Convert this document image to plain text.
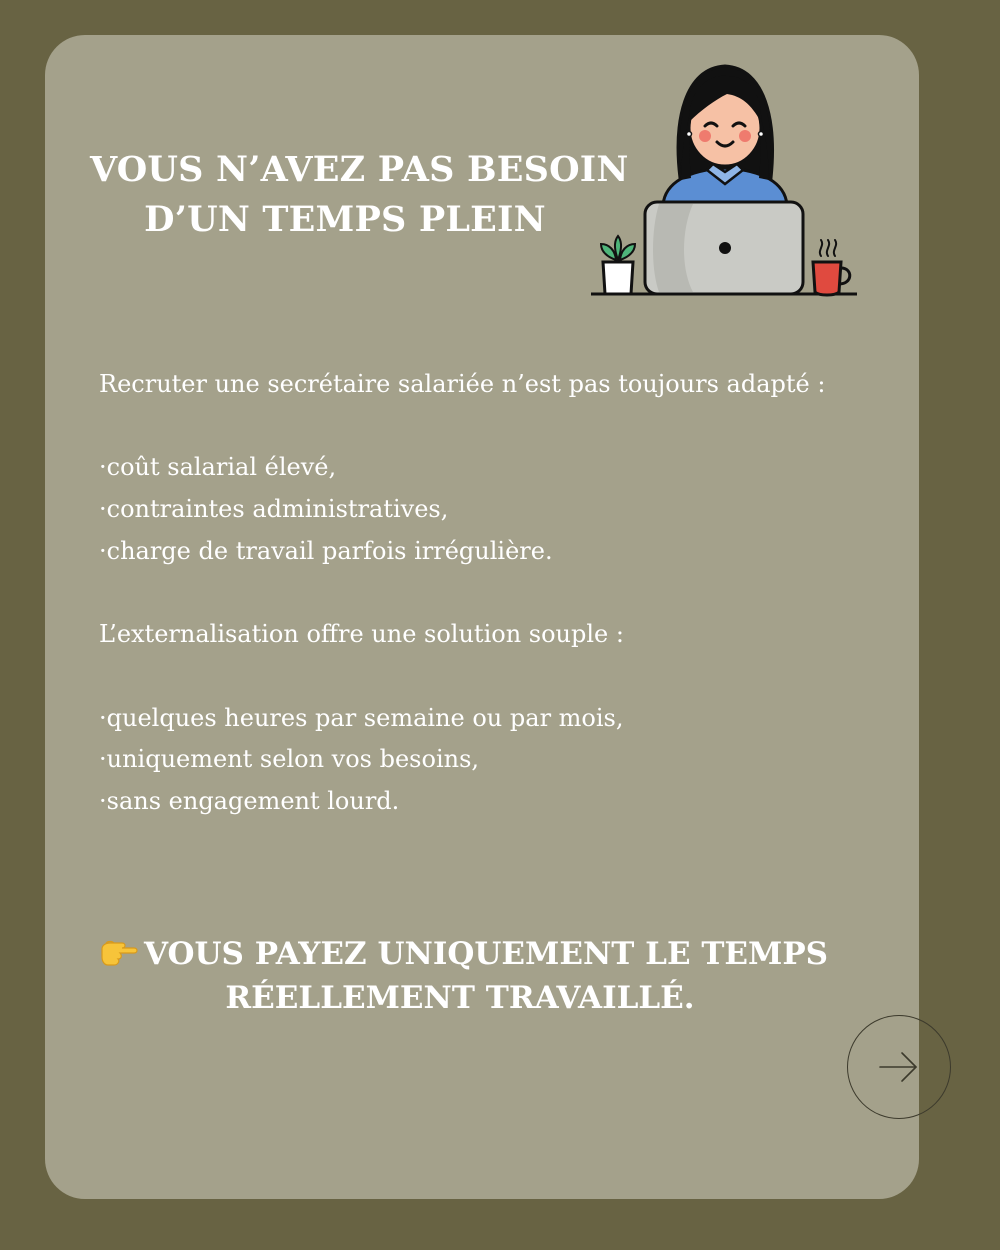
VOUS N’AVEZ PAS BESOIN
D’UN TEMPS PLEIN

Recruter une secrétaire salariée n’est pas toujours adapté :

·coût salarial élevé,

·contraintes administratives,

·charge de travail parfois irrégulière.

L’externalisation offre une solution souple :

·quelques heures par semaine ou par mois,

·uniquement selon vos besoins,

·sans engagement lourd.

VOUS PAYEZ UNIQUEMENT LE TEMPS
RÉELLEMENT TRAVAILLÉ.
